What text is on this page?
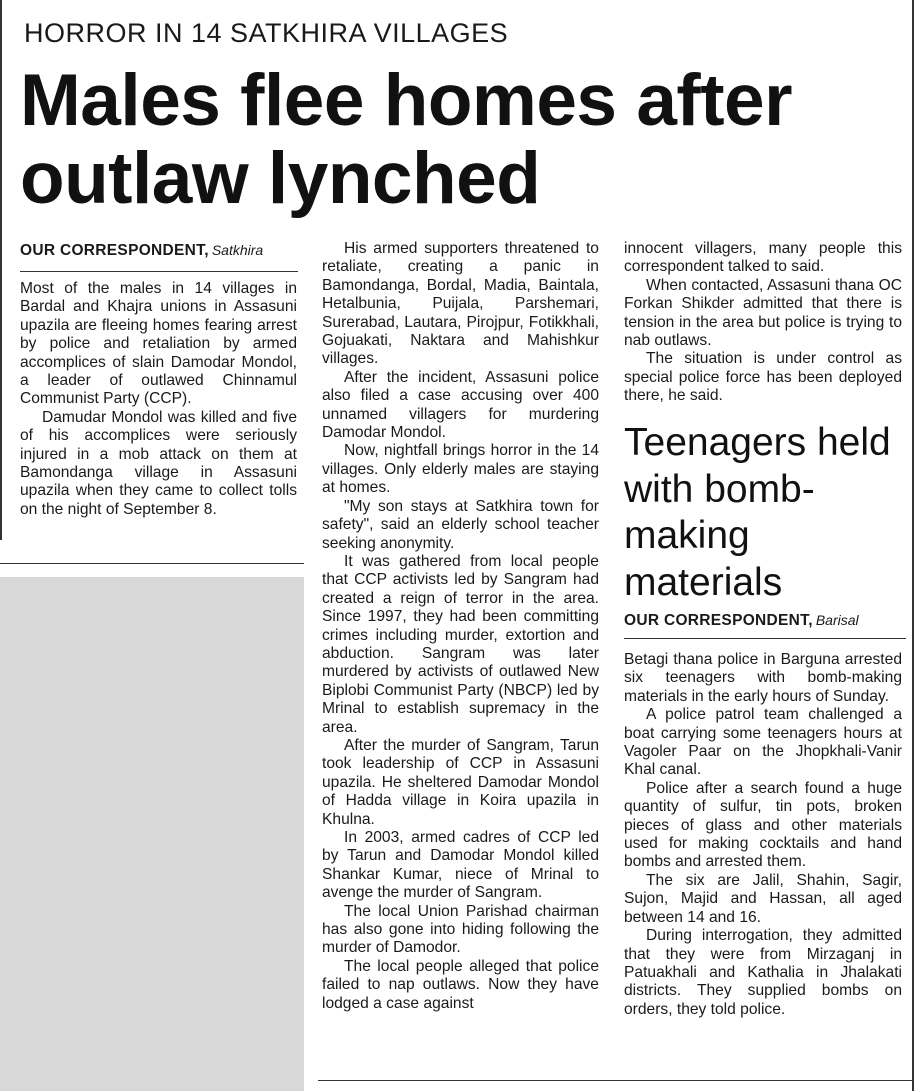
HORROR IN 14 SATKHIRA VILLAGES
Males flee homes after outlaw lynched
OUR CORRESPONDENT, Satkhira

Most of the males in 14 villages in Bardal and Khajra unions in Assasuni upazila are fleeing homes fearing arrest by police and retaliation by armed accomplices of slain Damodar Mondol, a leader of outlawed Chinnamul Communist Party (CCP).

Damudar Mondol was killed and five of his accomplices were seriously injured in a mob attack on them at Bamondanga village in Assasuni upazila when they came to collect tolls on the night of September 8.

His armed supporters threatened to retaliate, creating a panic in Bamondanga, Bordal, Madia, Baintala, Hetalbunia, Puijala, Parshemari, Surerabad, Lautara, Pirojpur, Fotikkhali, Gojuakati, Naktara and Mahishkur villages.

After the incident, Assasuni police also filed a case accusing over 400 unnamed villagers for murdering Damodar Mondol.

Now, nightfall brings horror in the 14 villages. Only elderly males are staying at homes.

"My son stays at Satkhira town for safety", said an elderly school teacher seeking anonymity.

It was gathered from local people that CCP activists led by Sangram had created a reign of terror in the area. Since 1997, they had been committing crimes including murder, extortion and abduction. Sangram was later murdered by activists of outlawed New Biplobi Communist Party (NBCP) led by Mrinal to establish supremacy in the area.

After the murder of Sangram, Tarun took leadership of CCP in Assasuni upazila. He sheltered Damodar Mondol of Hadda village in Koira upazila in Khulna.

In 2003, armed cadres of CCP led by Tarun and Damodar Mondol killed Shankar Kumar, niece of Mrinal to avenge the murder of Sangram.

The local Union Parishad chairman has also gone into hiding following the murder of Damodor.

The local people alleged that police failed to nap outlaws. Now they have lodged a case against

innocent villagers, many people this correspondent talked to said.

When contacted, Assasuni thana OC Forkan Shikder admitted that there is tension in the area but police is trying to nab outlaws.

The situation is under control as special police force has been deployed there, he said.

Teenagers held with bomb-making materials
OUR CORRESPONDENT, Barisal

Betagi thana police in Barguna arrested six teenagers with bomb-making materials in the early hours of Sunday.

A police patrol team challenged a boat carrying some teenagers hours at Vagoler Paar on the Jhopkhali-Vanir Khal canal.

Police after a search found a huge quantity of sulfur, tin pots, broken pieces of glass and other materials used for making cocktails and hand bombs and arrested them.

The six are Jalil, Shahin, Sagir, Sujon, Majid and Hassan, all aged between 14 and 16.

During interrogation, they admitted that they were from Mirzaganj in Patuakhali and Kathalia in Jhalakati districts. They supplied bombs on orders, they told police.
